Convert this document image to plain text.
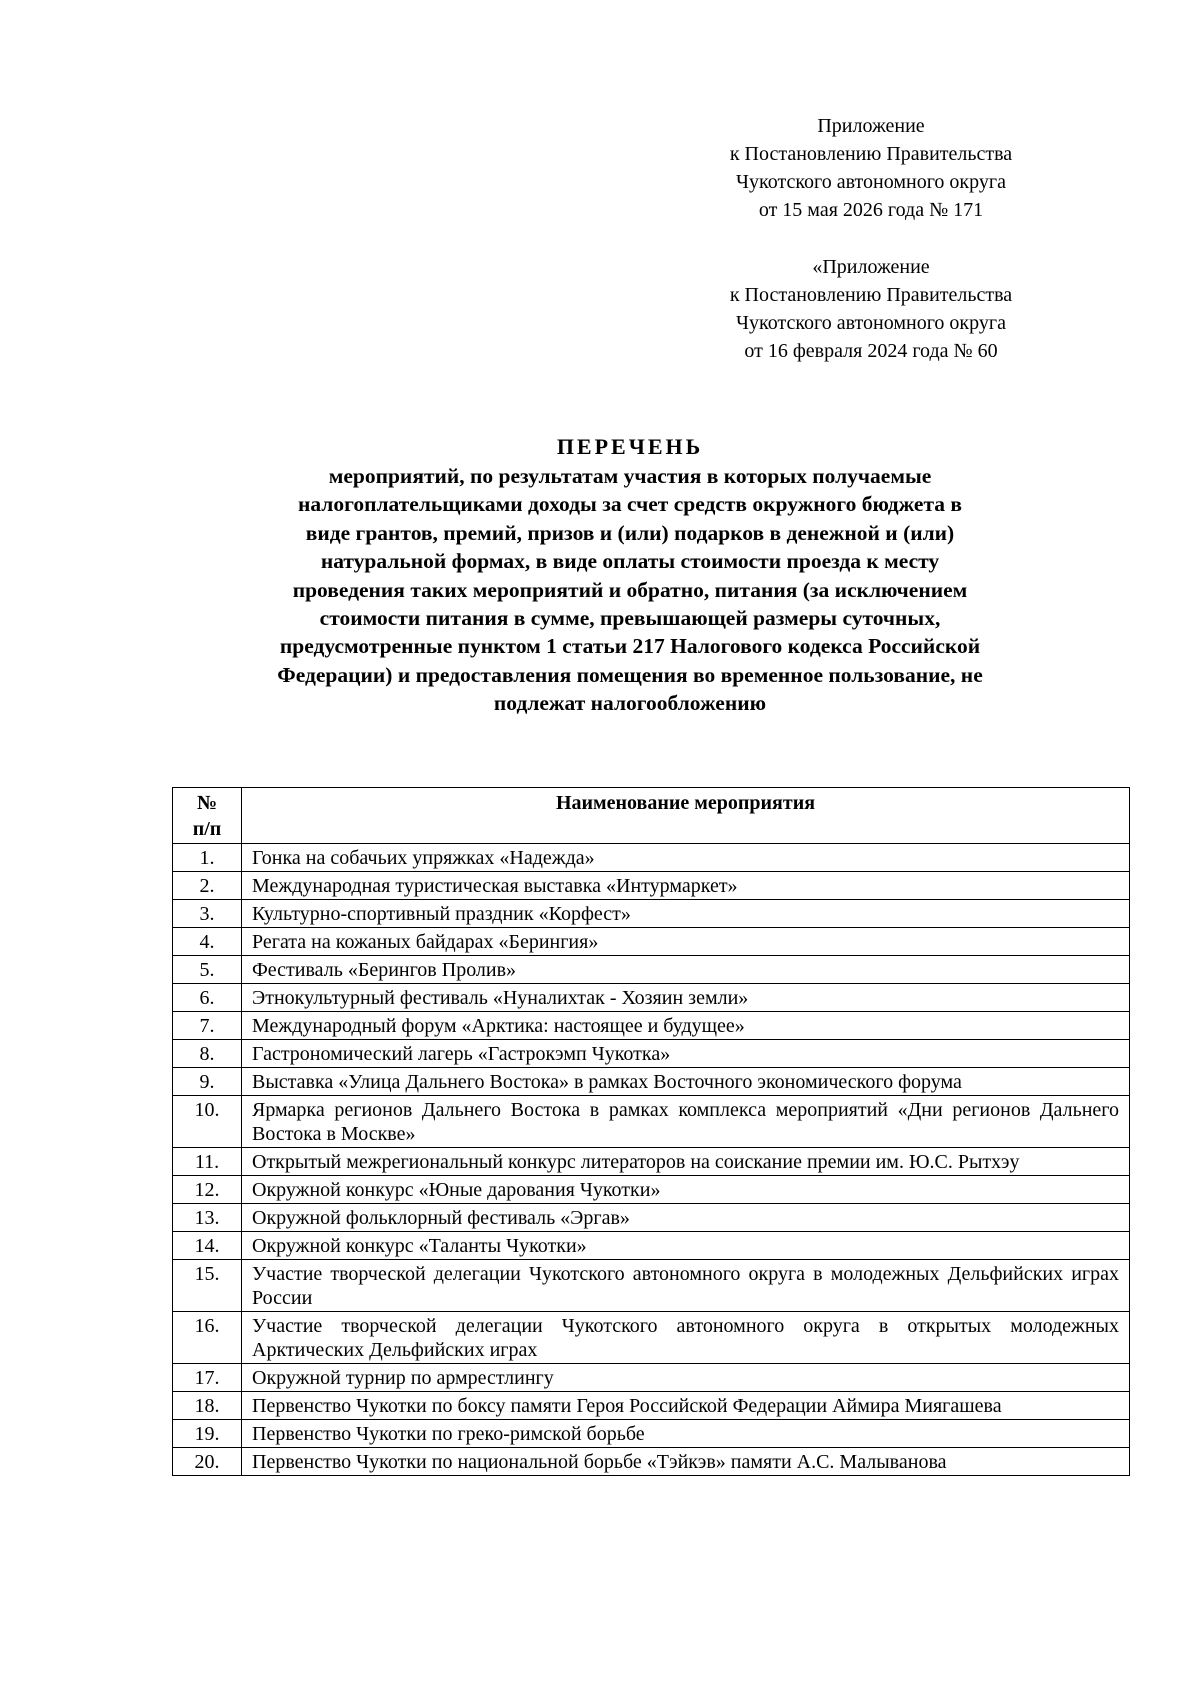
Приложение

к Постановлению Правительства

Чукотского автономного округа

от 15 мая 2026 года № 171

«Приложение

к Постановлению Правительства

Чукотского автономного округа

от 16 февраля 2024 года № 60

ПЕРЕЧЕНЬ
мероприятий, по результатам участия в которых получаемые
налогоплательщиками доходы за счет средств окружного бюджета в
виде грантов, премий, призов и (или) подарков в денежной и (или)
натуральной формах, в виде оплаты стоимости проезда к месту
проведения таких мероприятий и обратно, питания (за исключением
стоимости питания в сумме, превышающей размеры суточных,
предусмотренные пунктом 1 статьи 217 Налогового кодекса Российской
Федерации) и предоставления помещения во временное пользование, не
подлежат налогообложению
№
п/п	Наименование мероприятия
1.	Гонка на собачьих упряжках «Надежда»
2.	Международная туристическая выставка «Интурмаркет»
3.	Культурно-спортивный праздник «Корфест»
4.	Регата на кожаных байдарах «Берингия»
5.	Фестиваль «Берингов Пролив»
6.	Этнокультурный фестиваль «Нуналихтак - Хозяин земли»
7.	Международный форум «Арктика: настоящее и будущее»
8.	Гастрономический лагерь «Гастрокэмп Чукотка»
9.	Выставка «Улица Дальнего Востока» в рамках Восточного экономического форума
10.	Ярмарка регионов Дальнего Востока в рамках комплекса мероприятий «Дни регионов Дальнего Востока в Москве»
11.	Открытый межрегиональный конкурс литераторов на соискание премии им. Ю.С. Рытхэу
12.	Окружной конкурс «Юные дарования Чукотки»
13.	Окружной фольклорный фестиваль «Эргав»
14.	Окружной конкурс «Таланты Чукотки»
15.	Участие творческой делегации Чукотского автономного округа в молодежных Дельфийских играх России
16.	Участие творческой делегации Чукотского автономного округа в открытых молодежных Арктических Дельфийских играх
17.	Окружной турнир по армрестлингу
18.	Первенство Чукотки по боксу памяти Героя Российской Федерации Аймира Миягашева
19.	Первенство Чукотки по греко-римской борьбе
20.	Первенство Чукотки по национальной борьбе «Тэйкэв» памяти А.С. Малыванова
